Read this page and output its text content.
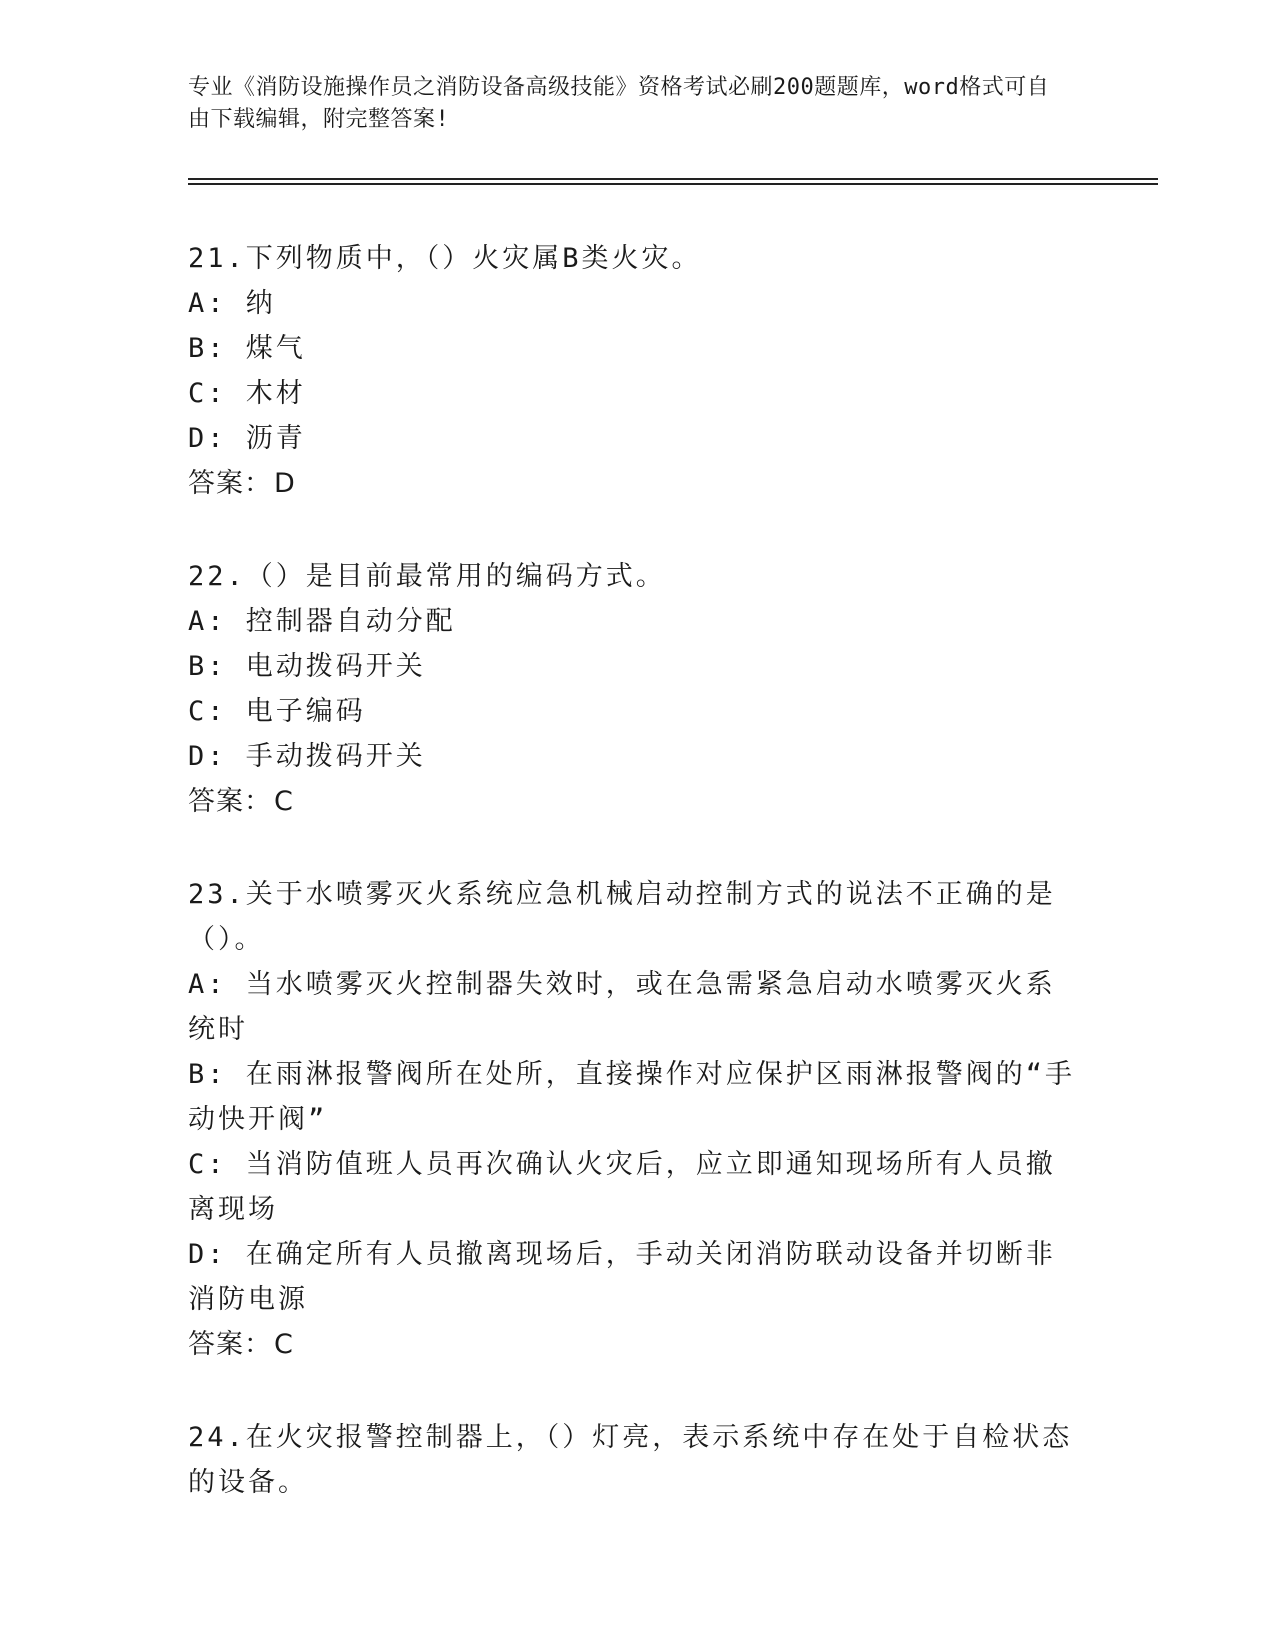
专业《消防设施操作员之消防设备高级技能》资格考试必刷200题题库，word格式可自由下载编辑，附完整答案!
21.下列物质中，（）火灾属B类火灾。
A: 纳
B: 煤气
C: 木材
D: 沥青
答案：D
22.（）是目前最常用的编码方式。
A: 控制器自动分配
B: 电动拨码开关
C: 电子编码
D: 手动拨码开关
答案：C
23.关于水喷雾灭火系统应急机械启动控制方式的说法不正确的是（）。
A: 当水喷雾灭火控制器失效时，或在急需紧急启动水喷雾灭火系统时
B: 在雨淋报警阀所在处所，直接操作对应保护区雨淋报警阀的“手动快开阀”
C: 当消防值班人员再次确认火灾后，应立即通知现场所有人员撤离现场
D: 在确定所有人员撤离现场后，手动关闭消防联动设备并切断非消防电源
答案：C
24.在火灾报警控制器上，（）灯亮，表示系统中存在处于自检状态的设备。
